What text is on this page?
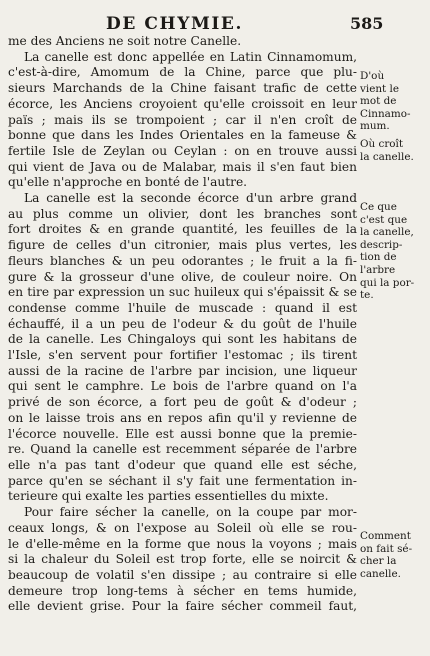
DE CHYMIE.	585
me des Anciens ne soit notre Canelle.
La canelle est donc appellée en Latin Cinnamomum,
c'est-à-dire, Amomum de la Chine, parce que plu-
sieurs Marchands de la Chine faisant trafic de cette
écorce, les Anciens croyoient qu'elle croissoit en leur
païs ; mais ils se trompoient ; car il n'en croît de
bonne que dans les Indes Orientales en la fameuse &
fertile Isle de Zeylan ou Ceylan : on en trouve aussi
qui vient de Java ou de Malabar, mais il s'en faut bien
qu'elle n'approche en bonté de l'autre.
La canelle est la seconde écorce d'un arbre grand
au plus comme un olivier, dont les branches sont
fort droites & en grande quantité, les feuilles de la
figure de celles d'un citronier, mais plus vertes, les
fleurs blanches & un peu odorantes ; le fruit a la fi-
gure & la grosseur d'une olive, de couleur noire. On
en tire par expression un suc huileux qui s'épaissit & se
condense comme l'huile de muscade : quand il est
échauffé, il a un peu de l'odeur & du goût de l'huile
de la canelle. Les Chingaloys qui sont les habitans de
l'Isle, s'en servent pour fortifier l'estomac ; ils tirent
aussi de la racine de l'arbre par incision, une liqueur
qui sent le camphre. Le bois de l'arbre quand on l'a
privé de son écorce, a fort peu de goût & d'odeur ;
on le laisse trois ans en repos afin qu'il y revienne de
l'écorce nouvelle. Elle est aussi bonne que la premie-
re. Quand la canelle est recemment séparée de l'arbre
elle n'a pas tant d'odeur que quand elle est séche,
parce qu'en se séchant il s'y fait une fermentation in-
terieure qui exalte les parties essentielles du mixte.
Pour faire sécher la canelle, on la coupe par mor-
ceaux longs, & on l'expose au Soleil où elle se rou-
le d'elle-même en la forme que nous la voyons ; mais
si la chaleur du Soleil est trop forte, elle se noircit &
beaucoup de volatil s'en dissipe ; au contraire si elle
demeure trop long-tems à sécher en tems humide,
elle devient grise. Pour la faire sécher commeil faut,
D'où
vient le
mot de
Cinnamo-
mum.
Où croît
la canelle.
Ce que
c'est que
la canelle,
descrip-
tion de
l'arbre
qui la por-
te.
Comment
on fait sé-
cher la
canelle.
